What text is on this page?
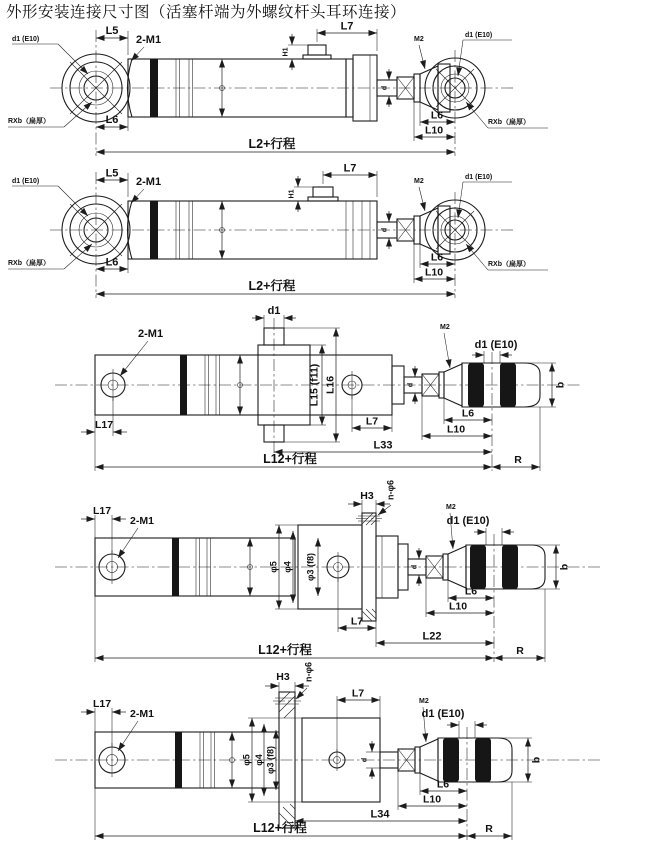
外形安装连接尺寸图（活塞杆端为外螺纹杆头耳环连接）
L5
2-M1
d1 (E10)
RXb（扁厚）	L6
H1
L7
M2
d
d1 (E10)
L6
L10
RXb（扁厚）
L2+行程
L5
2-M1
d1 (E10)
RXb（扁厚）	L6
H1
L7
M2
d
d1 (E10)
L6
L10
RXb（扁厚）
L2+行程
2-M1
L17
d1
L15 (f11) L16
L7
d
M2
d1 (E10)
b
L6
L10
L33
L12+行程	R
L17
2-M1
φ5 φ4 φ3 (f8)
H3 n-φ6
d
M2
d1 (E10)
b
L6
L10
L7
L22
L12+行程	R
L17
2-M1
φ5 φ4 φ3 (f8)
H3 n-φ6
L7
d
M2
d1 (E10)
b
L6
L10
L34
L12+行程	R
